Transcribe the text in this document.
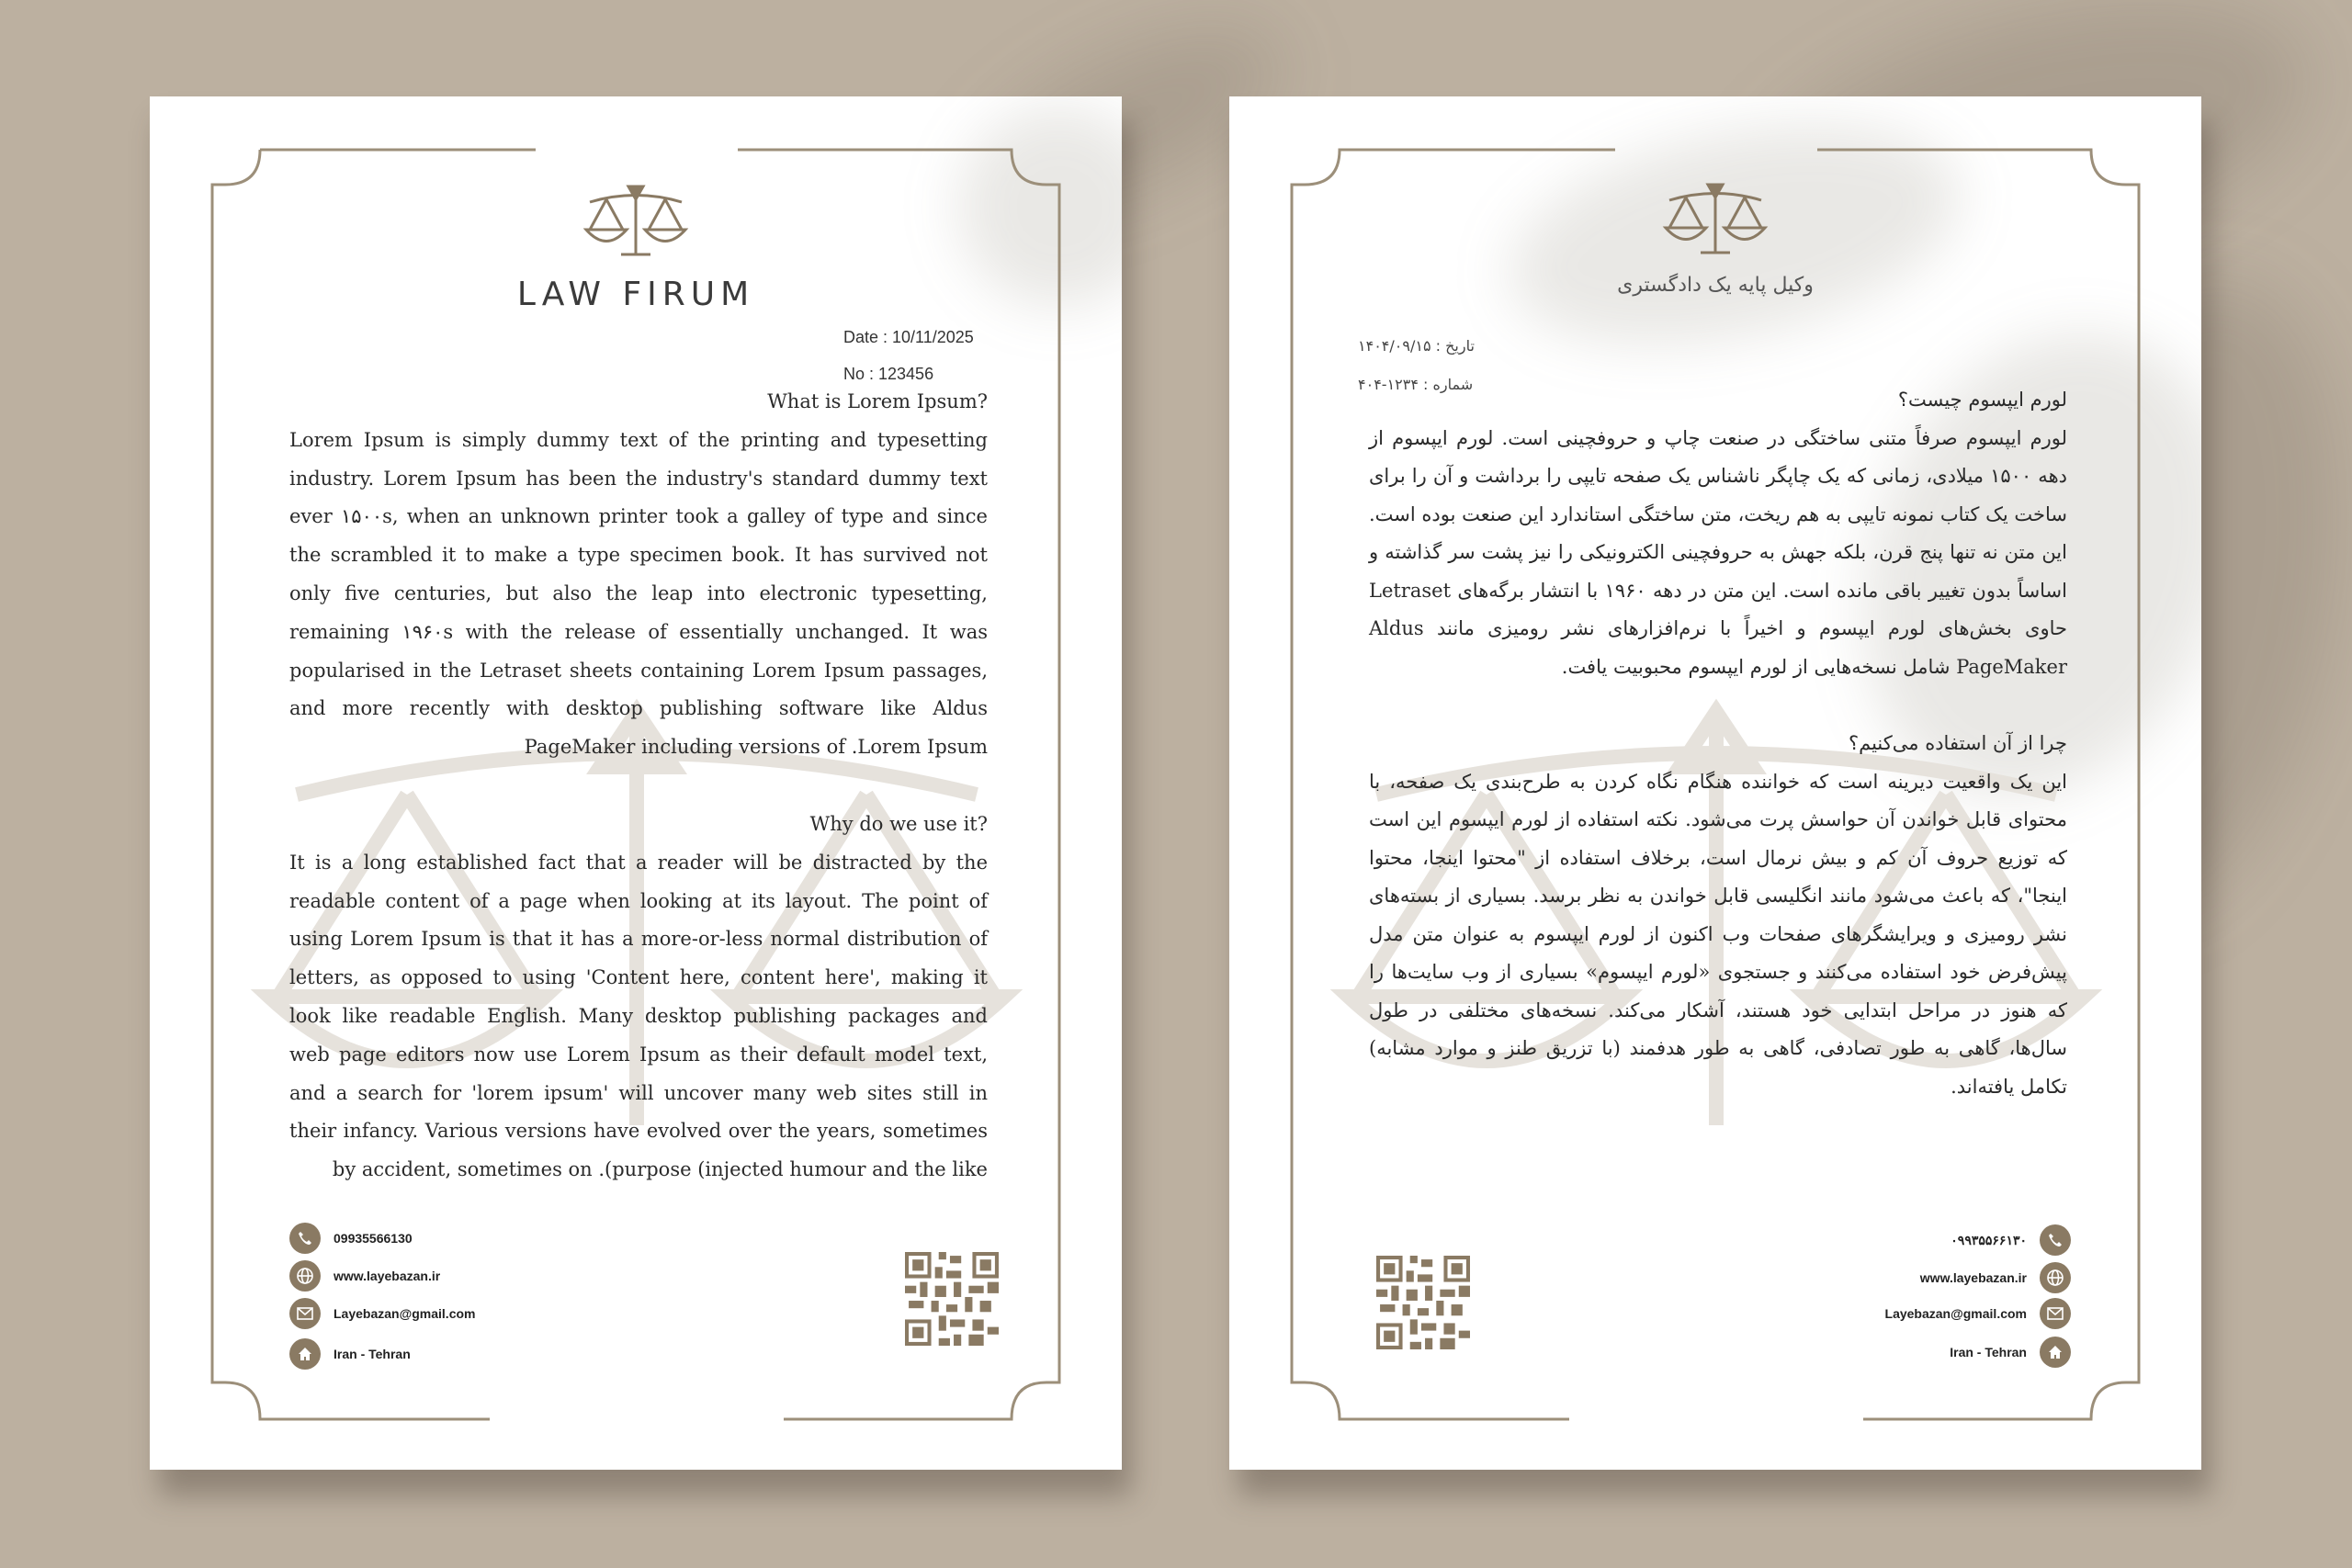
LAW FIRUM
Date : 10/11/2025
No : 123456

?What is Lorem Ipsum

Lorem Ipsum is simply dummy text of the printing and typesetting industry. Lorem Ipsum has been the industry's standard dummy text ever ۱۵۰۰s, when an unknown printer took a galley of type and since the scrambled it to make a type specimen book. It has survived not only five centuries, but also the leap into electronic typesetting, remaining ۱۹۶۰s with the release of essentially unchanged. It was popularised in the Letraset sheets containing Lorem Ipsum passages, and more recently with desktop publishing software like Aldus PageMaker including versions of .Lorem Ipsum

?Why do we use it

It is a long established fact that a reader will be distracted by the readable content of a page when looking at its layout. The point of using Lorem Ipsum is that it has a more-or-less normal distribution of letters, as opposed to using 'Content here, content here', making it look like readable English. Many desktop publishing packages and web page editors now use Lorem Ipsum as their default model text, and a search for 'lorem ipsum' will uncover many web sites still in their infancy. Various versions have evolved over the years, sometimes by accident, sometimes on .(purpose (injected humour and the like

09935566130
www.layebazan.ir
Layebazan@gmail.com
Iran - Tehran
وکیل پایه یک دادگستری
تاریخ : ۱۴۰۴/۰۹/۱۵
شماره : ۱۲۳۴-۴۰۴

لورم ایپسوم چیست؟

لورم ایپسوم صرفاً متنی ساختگی در صنعت چاپ و حروفچینی است. لورم ایپسوم از دهه ۱۵۰۰ میلادی، زمانی که یک چاپگر ناشناس یک صفحه تایپی را برداشت و آن را برای ساخت یک کتاب نمونه تایپی به هم ریخت، متن ساختگی استاندارد این صنعت بوده است. این متن نه تنها پنج قرن، بلکه جهش به حروفچینی الکترونیکی را نیز پشت سر گذاشته و اساساً بدون تغییر باقی مانده است. این متن در دهه ۱۹۶۰ با انتشار برگه‌های Letraset حاوی بخش‌های لورم ایپسوم و اخیراً با نرم‌افزارهای نشر رومیزی مانند Aldus PageMaker شامل نسخه‌هایی از لورم ایپسوم محبوبیت یافت.

چرا از آن استفاده می‌کنیم؟

این یک واقعیت دیرینه است که خواننده هنگام نگاه کردن به طرح‌بندی یک صفحه، با محتوای قابل خواندن آن حواسش پرت می‌شود. نکته استفاده از لورم ایپسوم این است که توزیع حروف آن کم و بیش نرمال است، برخلاف استفاده از "محتوا اینجا، محتوا اینجا"، که باعث می‌شود مانند انگلیسی قابل خواندن به نظر برسد. بسیاری از بسته‌های نشر رومیزی و ویرایشگرهای صفحات وب اکنون از لورم ایپسوم به عنوان متن مدل پیش‌فرض خود استفاده می‌کنند و جستجوی «لورم ایپسوم» بسیاری از وب سایت‌ها را که هنوز در مراحل ابتدایی خود هستند، آشکار می‌کند. نسخه‌های مختلفی در طول سال‌ها، گاهی به طور تصادفی، گاهی به طور هدفمند (با تزریق طنز و موارد مشابه) تکامل یافته‌اند.

۰۹۹۳۵۵۶۶۱۳۰
www.layebazan.ir
Layebazan@gmail.com
Iran - Tehran
